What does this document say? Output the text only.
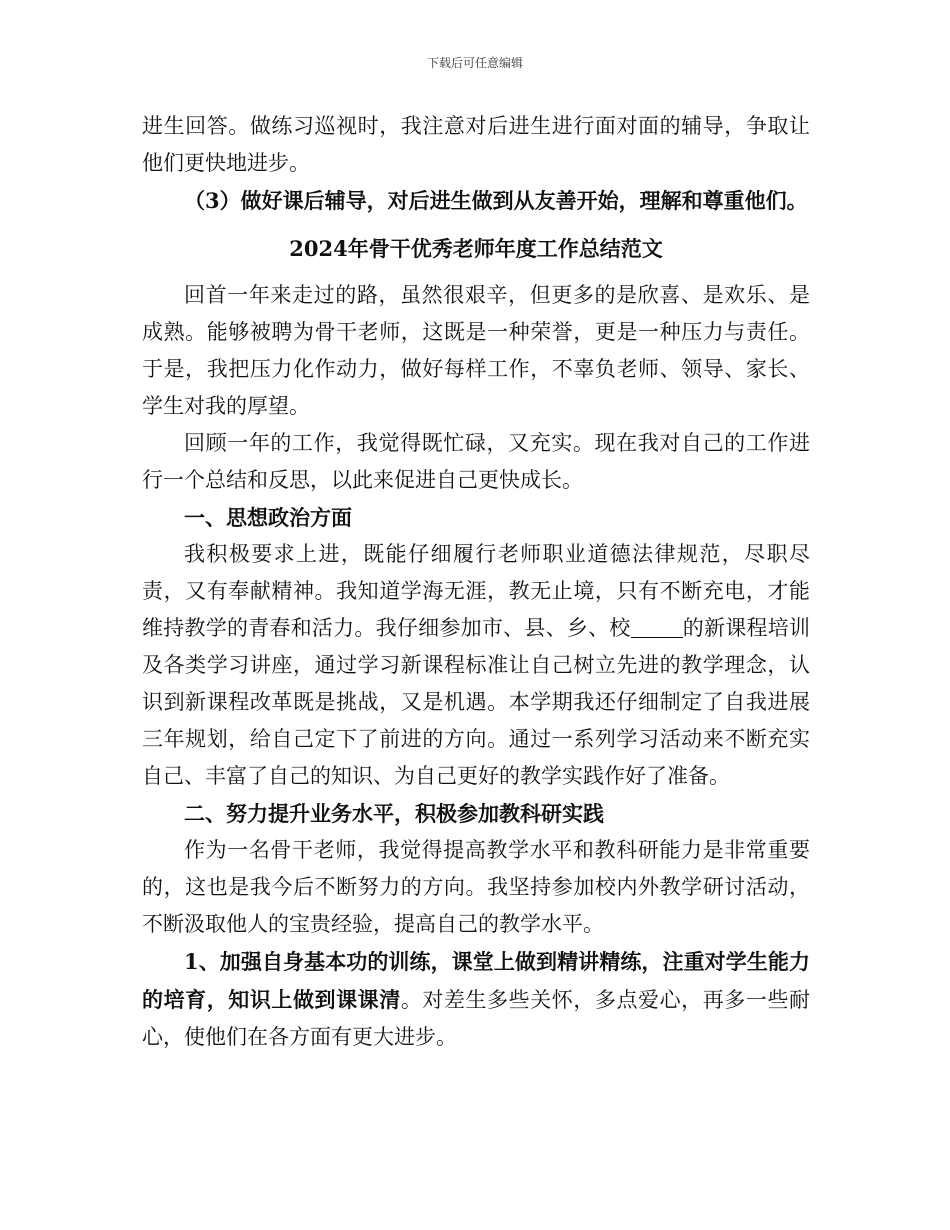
下载后可任意编辑

进生回答。做练习巡视时，我注意对后进生进行面对面的辅导，争取让他们更快地进步。

（3）做好课后辅导，对后进生做到从友善开始，理解和尊重他们。

2024年骨干优秀老师年度工作总结范文

回首一年来走过的路，虽然很艰辛，但更多的是欣喜、是欢乐、是成熟。能够被聘为骨干老师，这既是一种荣誉，更是一种压力与责任。于是，我把压力化作动力，做好每样工作，不辜负老师、领导、家长、学生对我的厚望。

回顾一年的工作，我觉得既忙碌，又充实。现在我对自己的工作进行一个总结和反思，以此来促进自己更快成长。

一、思想政治方面

我积极要求上进，既能仔细履行老师职业道德法律规范，尽职尽责，又有奉献精神。我知道学海无涯，教无止境，只有不断充电，才能维持教学的青春和活力。我仔细参加市、县、乡、校 的新课程培训及各类学习讲座，通过学习新课程标准让自己树立先进的教学理念，认识到新课程改革既是挑战，又是机遇。本学期我还仔细制定了自我进展三年规划，给自己定下了前进的方向。通过一系列学习活动来不断充实自己、丰富了自己的知识、为自己更好的教学实践作好了准备。

二、努力提升业务水平，积极参加教科研实践

作为一名骨干老师，我觉得提高教学水平和教科研能力是非常重要的，这也是我今后不断努力的方向。我坚持参加校内外教学研讨活动，不断汲取他人的宝贵经验，提高自己的教学水平。

1、加强自身基本功的训练，课堂上做到精讲精练，注重对学生能力的培育，知识上做到课课清。对差生多些关怀，多点爱心，再多一些耐心，使他们在各方面有更大进步。
